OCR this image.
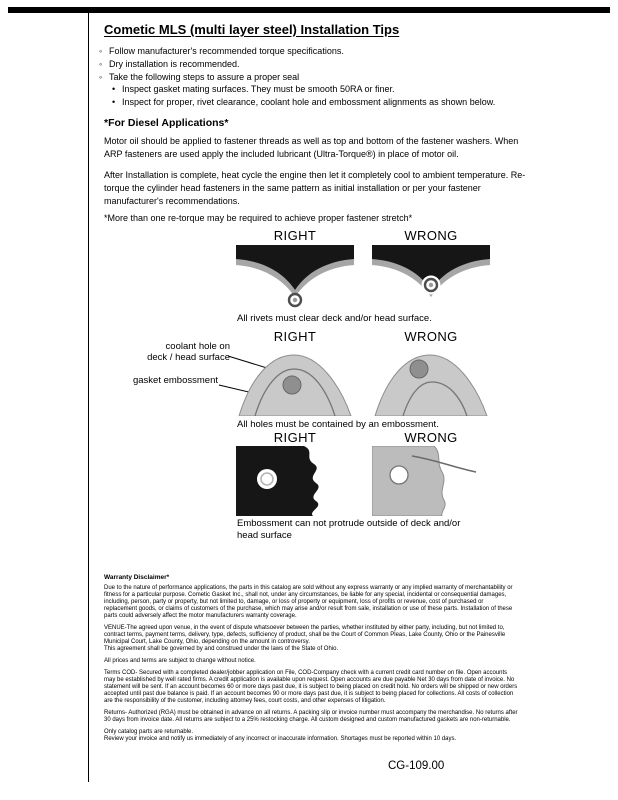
Cometic MLS (multi layer steel) Installation Tips
◦
Follow manufacturer's recommended torque specifications.
◦
Dry installation is recommended.
◦
Take the following steps to assure a proper seal
•
Inspect gasket mating surfaces. They must be smooth 50RA or finer.
•
Inspect for proper, rivet clearance, coolant hole and embossment alignments as shown below.
*For Diesel Applications*

Motor oil should be applied to fastener threads as well as top and bottom of the fastener washers. When ARP fasteners are used apply the included lubricant (Ultra-Torque®) in place of motor oil.

After Installation is complete, heat cycle the engine then let it completely cool to ambient temperature. Re-torque the cylinder head fasteners in the same pattern as initial installation or per your fastener manufacturer's recommendations.

*More than one re-torque may be required to achieve proper fastener stretch*

RIGHT	WRONG
All rivets must clear deck and/or head surface.
RIGHT	WRONG
coolant hole on
deck / head surface
gasket embossment
All holes must be contained by an embossment.
RIGHT	WRONG
Embossment can not protrude outside of deck and/or head surface
Warranty Disclaimer*

Due to the nature of performance applications, the parts in this catalog are sold without any express warranty or any implied warranty of merchantability or fitness for a particular purpose. Cometic Gasket Inc., shall not, under any circumstances, be liable for any special, incidental or consequential damages, including, person, party or property, but not limited to, damage, or loss of property or equipment, loss of profits or revenue, cost of purchased or replacement goods, or claims of customers of the purchase, which may arise and/or result from sale, installation or use of these parts. Installation of these parts could adversely affect the motor manufacturers warranty coverage.

VENUE-The agreed upon venue, in the event of dispute whatsoever between the parties, whether instituted by either party, including, but not limited to, contract terms, payment terms, delivery, type, defects, sufficiency of product, shall be the Court of Common Pleas, Lake County, Ohio or the Painesville Municipal Court, Lake County, Ohio, depending on the amount in controversy.

This agreement shall be governed by and construed under the laws of the State of Ohio.

All prices and terms are subject to change without notice.

Terms COD- Secured with a completed dealer/jobber application on File, COD-Company check with a current credit card number on file. Open accounts may be established by well rated firms. A credit application is available upon request. Open accounts are due payable Net 30 days from date of invoice. No statement will be sent. If an account becomes 60 or more days past due, it is subject to being placed on credit hold. No orders will be shipped or new orders accepted until past due balance is paid. If an account becomes 90 or more days past due, it is subject to being placed for collections. All costs of collection are the responsibility of the customer, including attorney fees, court costs, and other expenses of litigation.

Returns- Authorized (RGA) must be obtained in advance on all returns. A packing slip or invoice number must accompany the merchandise. No returns after 30 days from invoice date. All returns are subject to a 25% restocking charge. All custom designed and custom manufactured gaskets are non-returnable.

Only catalog parts are returnable.

Review your invoice and notify us immediately of any incorrect or inaccurate information. Shortages must be reported within 10 days.

CG-109.00
